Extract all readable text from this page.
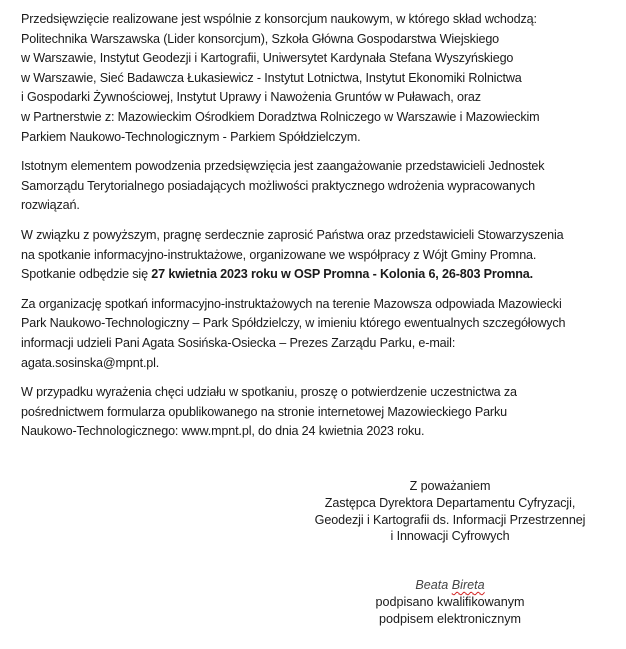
Przedsięwzięcie realizowane jest wspólnie z konsorcjum naukowym, w którego skład wchodzą:
Politechnika Warszawska (Lider konsorcjum), Szkoła Główna Gospodarstwa Wiejskiego
w Warszawie, Instytut Geodezji i Kartografii, Uniwersytet Kardynała Stefana Wyszyńskiego
w Warszawie, Sieć Badawcza Łukasiewicz - Instytut Lotnictwa, Instytut Ekonomiki Rolnictwa
i Gospodarki Żywnościowej, Instytut Uprawy i Nawożenia Gruntów w Puławach, oraz
w Partnerstwie z: Mazowieckim Ośrodkiem Doradztwa Rolniczego w Warszawie i Mazowieckim
Parkiem Naukowo-Technologicznym - Parkiem Spółdzielczym.

Istotnym elementem powodzenia przedsięwzięcia jest zaangażowanie przedstawicieli Jednostek
Samorządu Terytorialnego posiadających możliwości praktycznego wdrożenia wypracowanych
rozwiązań.

W związku z powyższym, pragnę serdecznie zaprosić Państwa oraz przedstawicieli Stowarzyszenia
na spotkanie informacyjno-instruktażowe, organizowane we współpracy z Wójt Gminy Promna.
Spotkanie odbędzie się 27 kwietnia 2023 roku w OSP Promna - Kolonia 6, 26-803 Promna.

Za organizację spotkań informacyjno-instruktażowych na terenie Mazowsza odpowiada Mazowiecki
Park Naukowo-Technologiczny – Park Spółdzielczy, w imieniu którego ewentualnych szczegółowych
informacji udzieli Pani Agata Sosińska-Osiecka – Prezes Zarządu Parku, e-mail:
agata.sosinska@mpnt.pl.

W przypadku wyrażenia chęci udziału w spotkaniu, proszę o potwierdzenie uczestnictwa za
pośrednictwem formularza opublikowanego na stronie internetowej Mazowieckiego Parku
Naukowo-Technologicznego: www.mpnt.pl, do dnia 24 kwietnia 2023 roku.

Z poważaniem
Zastępca Dyrektora Departamentu Cyfryzacji,
Geodezji i Kartografii ds. Informacji Przestrzennej
i Innowacji Cyfrowych
Beata Bireta
podpisano kwalifikowanym
podpisem elektronicznym
